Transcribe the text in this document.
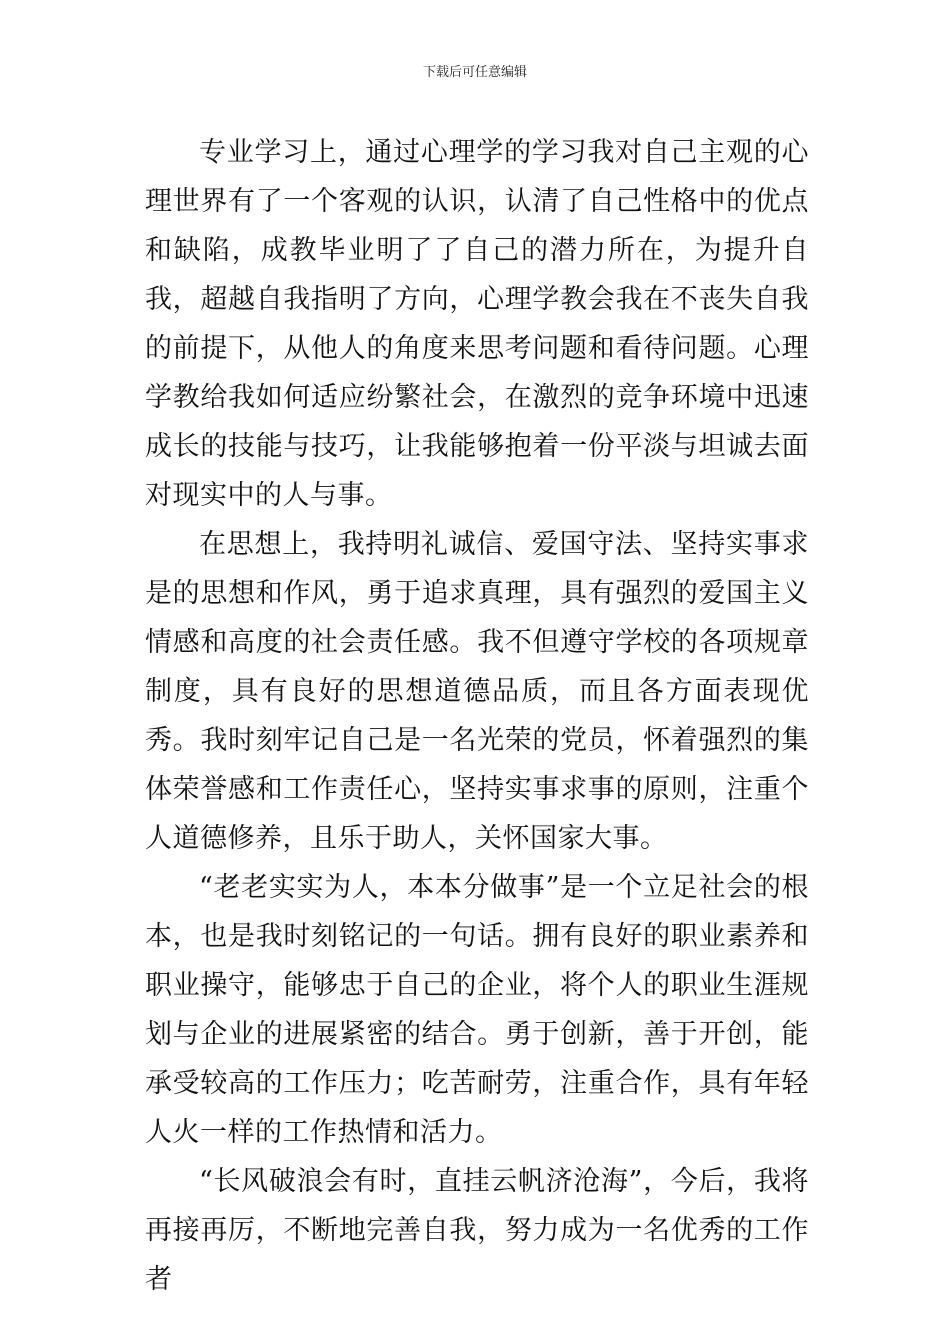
下载后可任意编辑

专业学习上，通过心理学的学习我对自己主观的心理世界有了一个客观的认识，认清了自己性格中的优点和缺陷，成教毕业明了了自己的潜力所在，为提升自我，超越自我指明了方向，心理学教会我在不丧失自我的前提下，从他人的角度来思考问题和看待问题。心理学教给我如何适应纷繁社会，在激烈的竞争环境中迅速成长的技能与技巧，让我能够抱着一份平淡与坦诚去面对现实中的人与事。

在思想上，我持明礼诚信、爱国守法、坚持实事求是的思想和作风，勇于追求真理，具有强烈的爱国主义情感和高度的社会责任感。我不但遵守学校的各项规章制度，具有良好的思想道德品质，而且各方面表现优秀。我时刻牢记自己是一名光荣的党员，怀着强烈的集体荣誉感和工作责任心，坚持实事求事的原则，注重个人道德修养，且乐于助人，关怀国家大事。

“老老实实为人，本本分做事”是一个立足社会的根本，也是我时刻铭记的一句话。拥有良好的职业素养和职业操守，能够忠于自己的企业，将个人的职业生涯规划与企业的进展紧密的结合。勇于创新，善于开创，能承受较高的工作压力；吃苦耐劳，注重合作，具有年轻人火一样的工作热情和活力。

“长风破浪会有时，直挂云帆济沧海”，今后，我将再接再厉，不断地完善自我，努力成为一名优秀的工作者
